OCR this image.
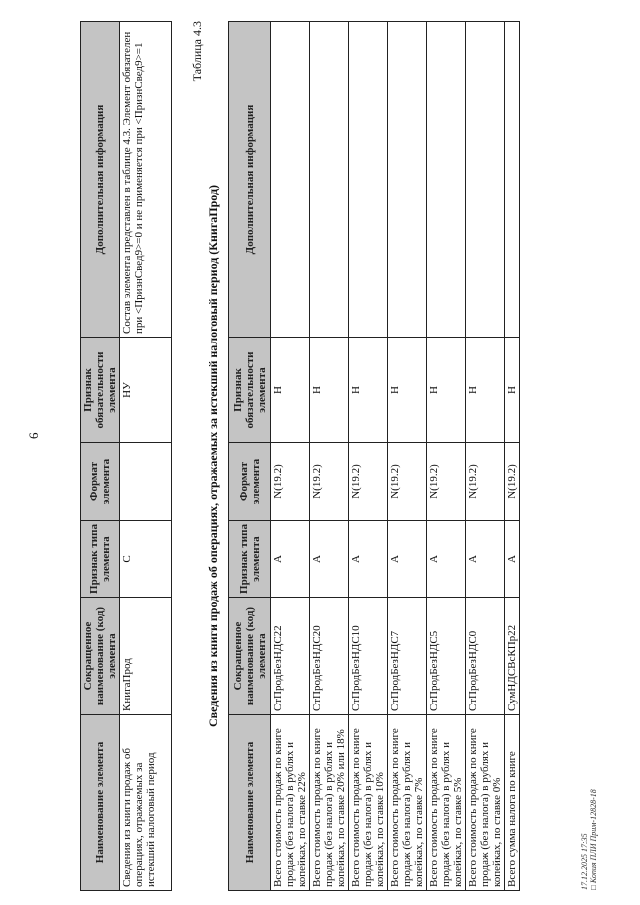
6
Наименование элемента	Сокращенное наименование (код) элемента	Признак типа элемента	Формат элемента	Признак обязательности элемента	Дополнительная информация
Сведения из книги продаж об операциях, отражаемых за истекший налоговый период	КнигаПрод	С		НУ	Состав элемента представлен в таблице 4.3. Элемент обязателен при <ПризнСвед9>=0 и не применяется при <ПризнСвед9>=1	Таблица 4.3
Сведения из книги продаж об операциях, отражаемых за истекший налоговый период (КнигаПрод)
Наименование элемента	Сокращенное наименование (код) элемента	Признак типа элемента	Формат элемента	Признак обязательности элемента	Дополнительная информация
Всего стоимость продаж по книге продаж (без налога) в рублях и копейках, по ставке 22%	СтПродБезНДС22	А	N(19.2)	Н	
Всего стоимость продаж по книге продаж (без налога) в рублях и копейках, по ставке 20% или 18%	СтПродБезНДС20	А	N(19.2)	Н	
Всего стоимость продаж по книге продаж (без налога) в рублях и копейках, по ставке 10%	СтПродБезНДС10	А	N(19.2)	Н	
Всего стоимость продаж по книге продаж (без налога) в рублях и копейках, по ставке 7%	СтПродБезНДС7	А	N(19.2)	Н	
Всего стоимость продаж по книге продаж (без налога) в рублях и копейках, по ставке 5%	СтПродБезНДС5	А	N(19.2)	Н	
Всего стоимость продаж по книге продаж (без налога) в рублях и копейках, по ставке 0%	СтПродБезНДС0	А	N(19.2)	Н	
Всего сумма налога по книге	СумНДСВсКПр22	А	N(19.2)	Н	
17.12.2025 17:35 □ Копия ПЛИ Прим-12828-18
